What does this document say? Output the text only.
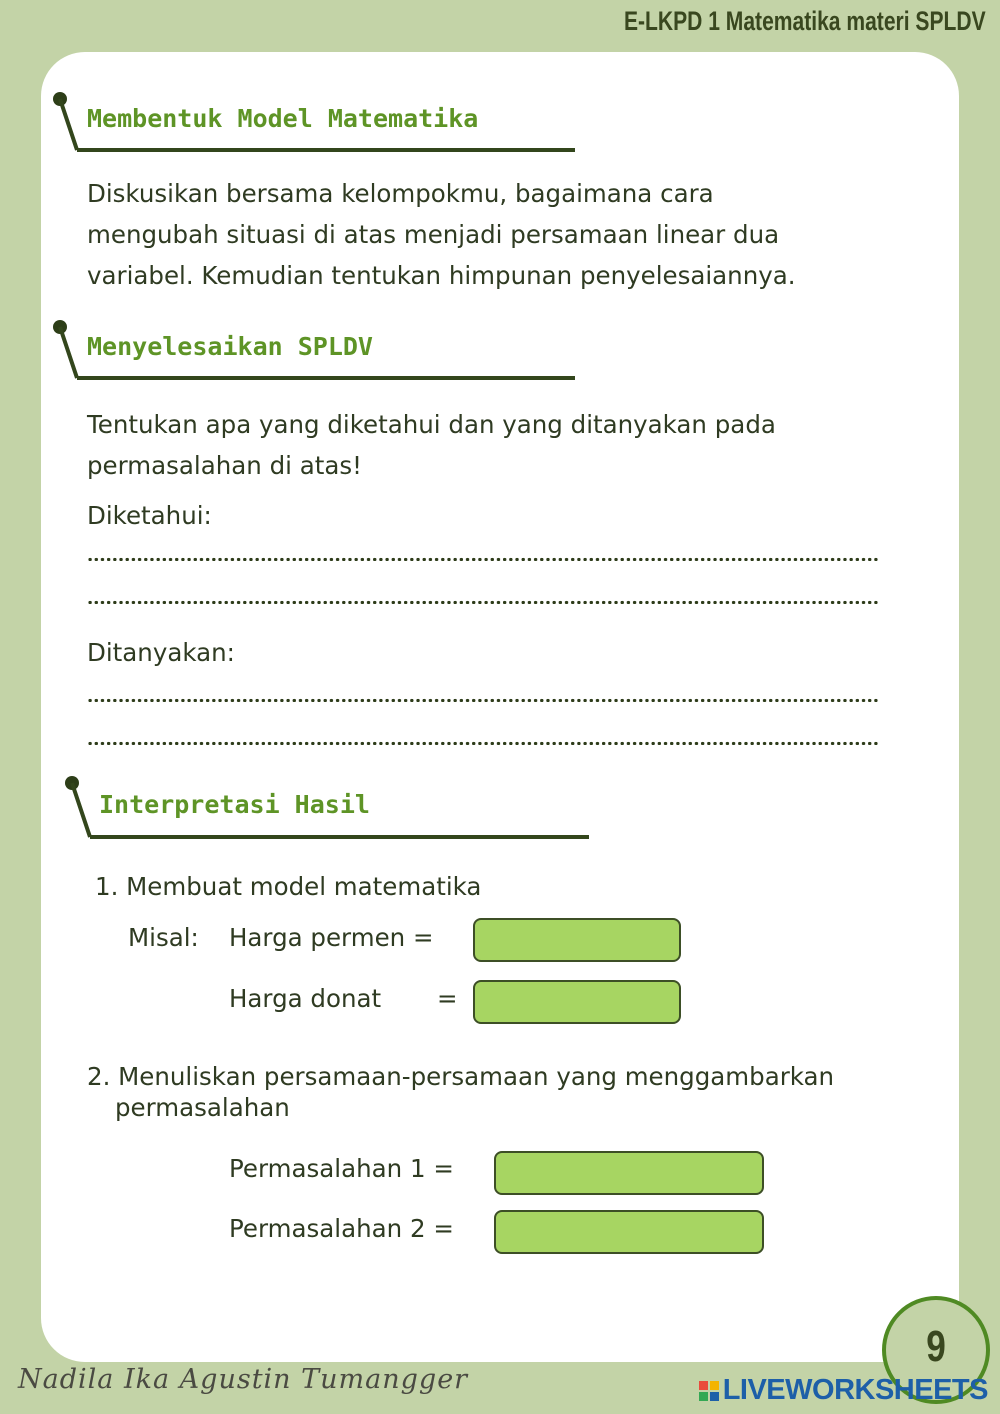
E-LKPD 1 Matematika materi SPLDV
Membentuk Model Matematika

Diskusikan bersama kelompokmu, bagaimana cara

mengubah situasi di atas menjadi persamaan linear dua

variabel. Kemudian tentukan himpunan penyelesaiannya.

Menyelesaikan SPLDV

Tentukan apa yang diketahui dan yang ditanyakan pada

permasalahan di atas!

Diketahui:

Ditanyakan:

Interpretasi Hasil
1. Membuat model matematika
Misal: Harga permen =
Harga donat =
2. Menuliskan persamaan-persamaan yang menggambarkan
permasalahan
Permasalahan 1 =
Permasalahan 2 =
9
Nadila Ika Agustin Tumangger	LIVEWORKSHEETS
